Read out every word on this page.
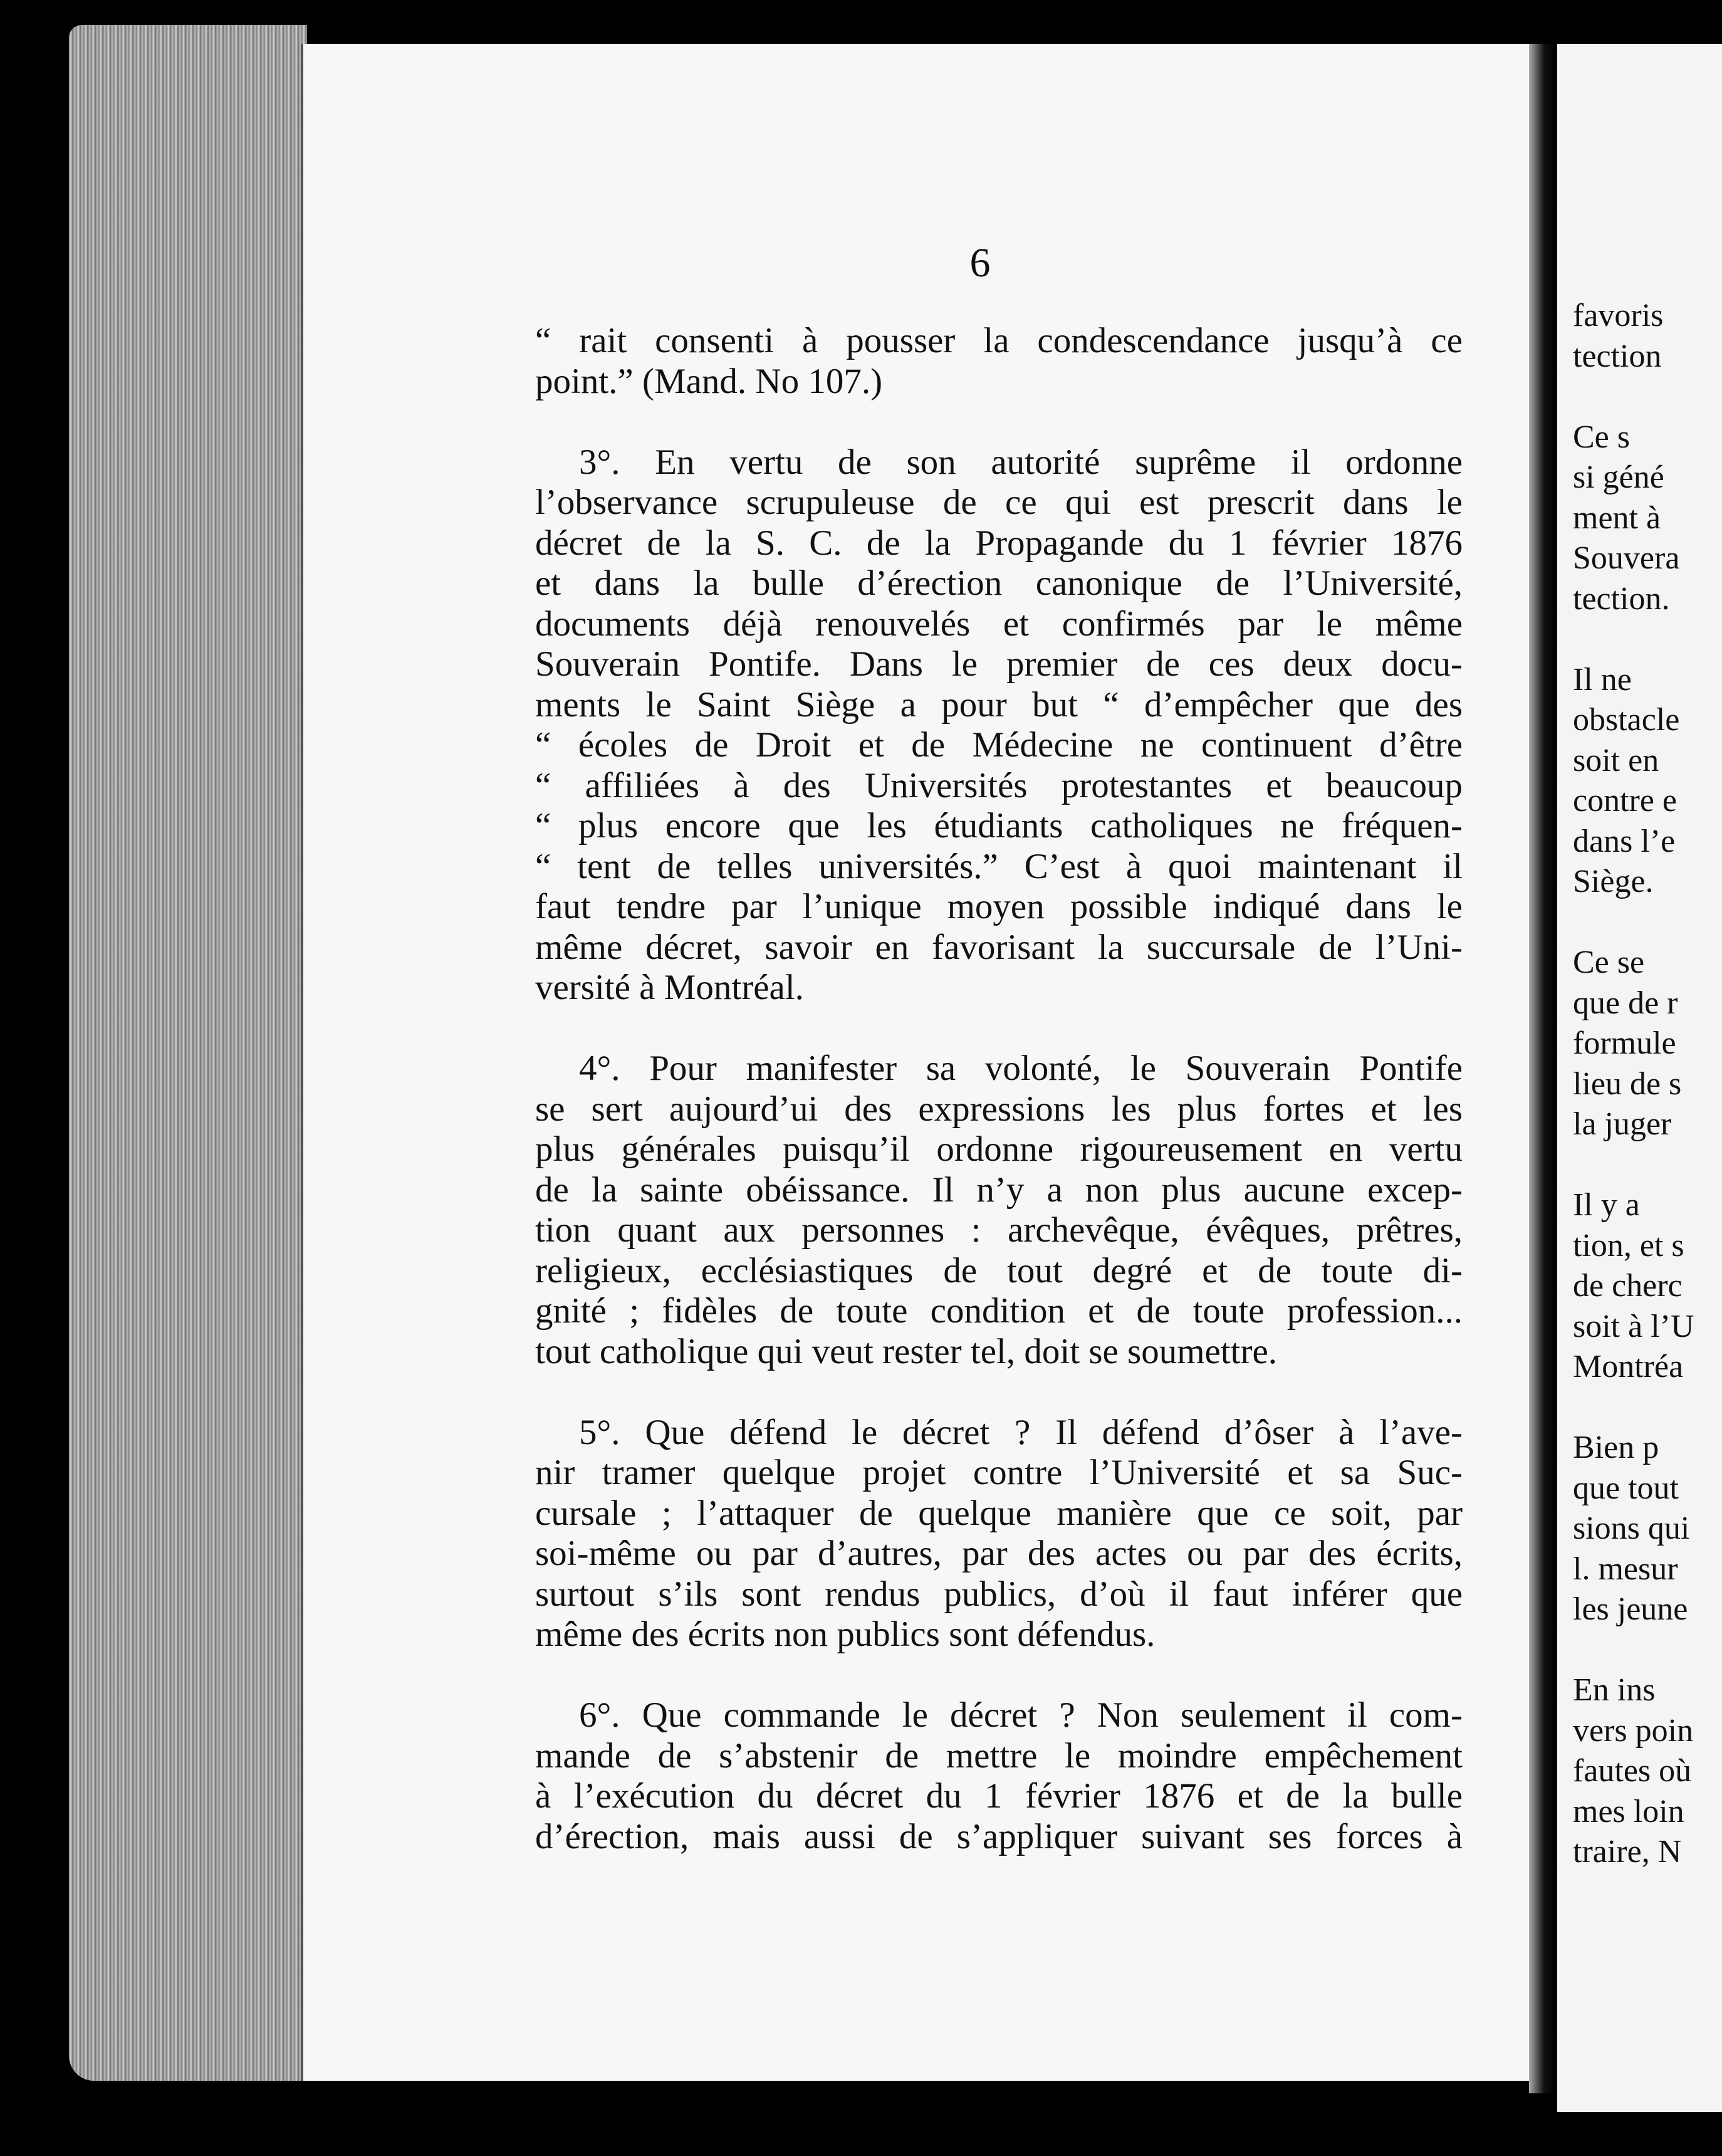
6
“ rait consenti à pousser la condescendance jusqu’à ce
point.” (Mand. No 107.)
3°. En vertu de son autorité suprême il ordonne
l’observance scrupuleuse de ce qui est prescrit dans le
décret de la S. C. de la Propagande du 1 février 1876
et dans la bulle d’érection canonique de l’Université,
documents déjà renouvelés et confirmés par le même
Souverain Pontife. Dans le premier de ces deux docu-
ments le Saint Siège a pour but “ d’empêcher que des
“ écoles de Droit et de Médecine ne continuent d’être
“ affiliées à des Universités protestantes et beaucoup
“ plus encore que les étudiants catholiques ne fréquen-
“ tent de telles universités.” C’est à quoi maintenant il
faut tendre par l’unique moyen possible indiqué dans le
même décret, savoir en favorisant la succursale de l’Uni-
versité à Montréal.
4°. Pour manifester sa volonté, le Souverain Pontife
se sert aujourd’ui des expressions les plus fortes et les
plus générales puisqu’il ordonne rigoureusement en vertu
de la sainte obéissance. Il n’y a non plus aucune excep-
tion quant aux personnes : archevêque, évêques, prêtres,
religieux, ecclésiastiques de tout degré et de toute di-
gnité ; fidèles de toute condition et de toute profession...
tout catholique qui veut rester tel, doit se soumettre.
5°. Que défend le décret ? Il défend d’ôser à l’ave-
nir tramer quelque projet contre l’Université et sa Suc-
cursale ; l’attaquer de quelque manière que ce soit, par
soi-même ou par d’autres, par des actes ou par des écrits,
surtout s’ils sont rendus publics, d’où il faut inférer que
même des écrits non publics sont défendus.
6°. Que commande le décret ? Non seulement il com-
mande de s’abstenir de mettre le moindre empêchement
à l’exécution du décret du 1 février 1876 et de la bulle
d’érection, mais aussi de s’appliquer suivant ses forces à
favoris
tection
Ce s
si géné
ment à
Souvera
tection.
Il ne
obstacle
soit en
contre e
dans l’e
Siège.
Ce se
que de r
formule
lieu de s
la juger
Il y a
tion, et s
de cherc
soit à l’U
Montréa
Bien p
que tout
sions qui
l. mesur
les jeune
En ins
vers poin
fautes où
mes loin
traire, N
